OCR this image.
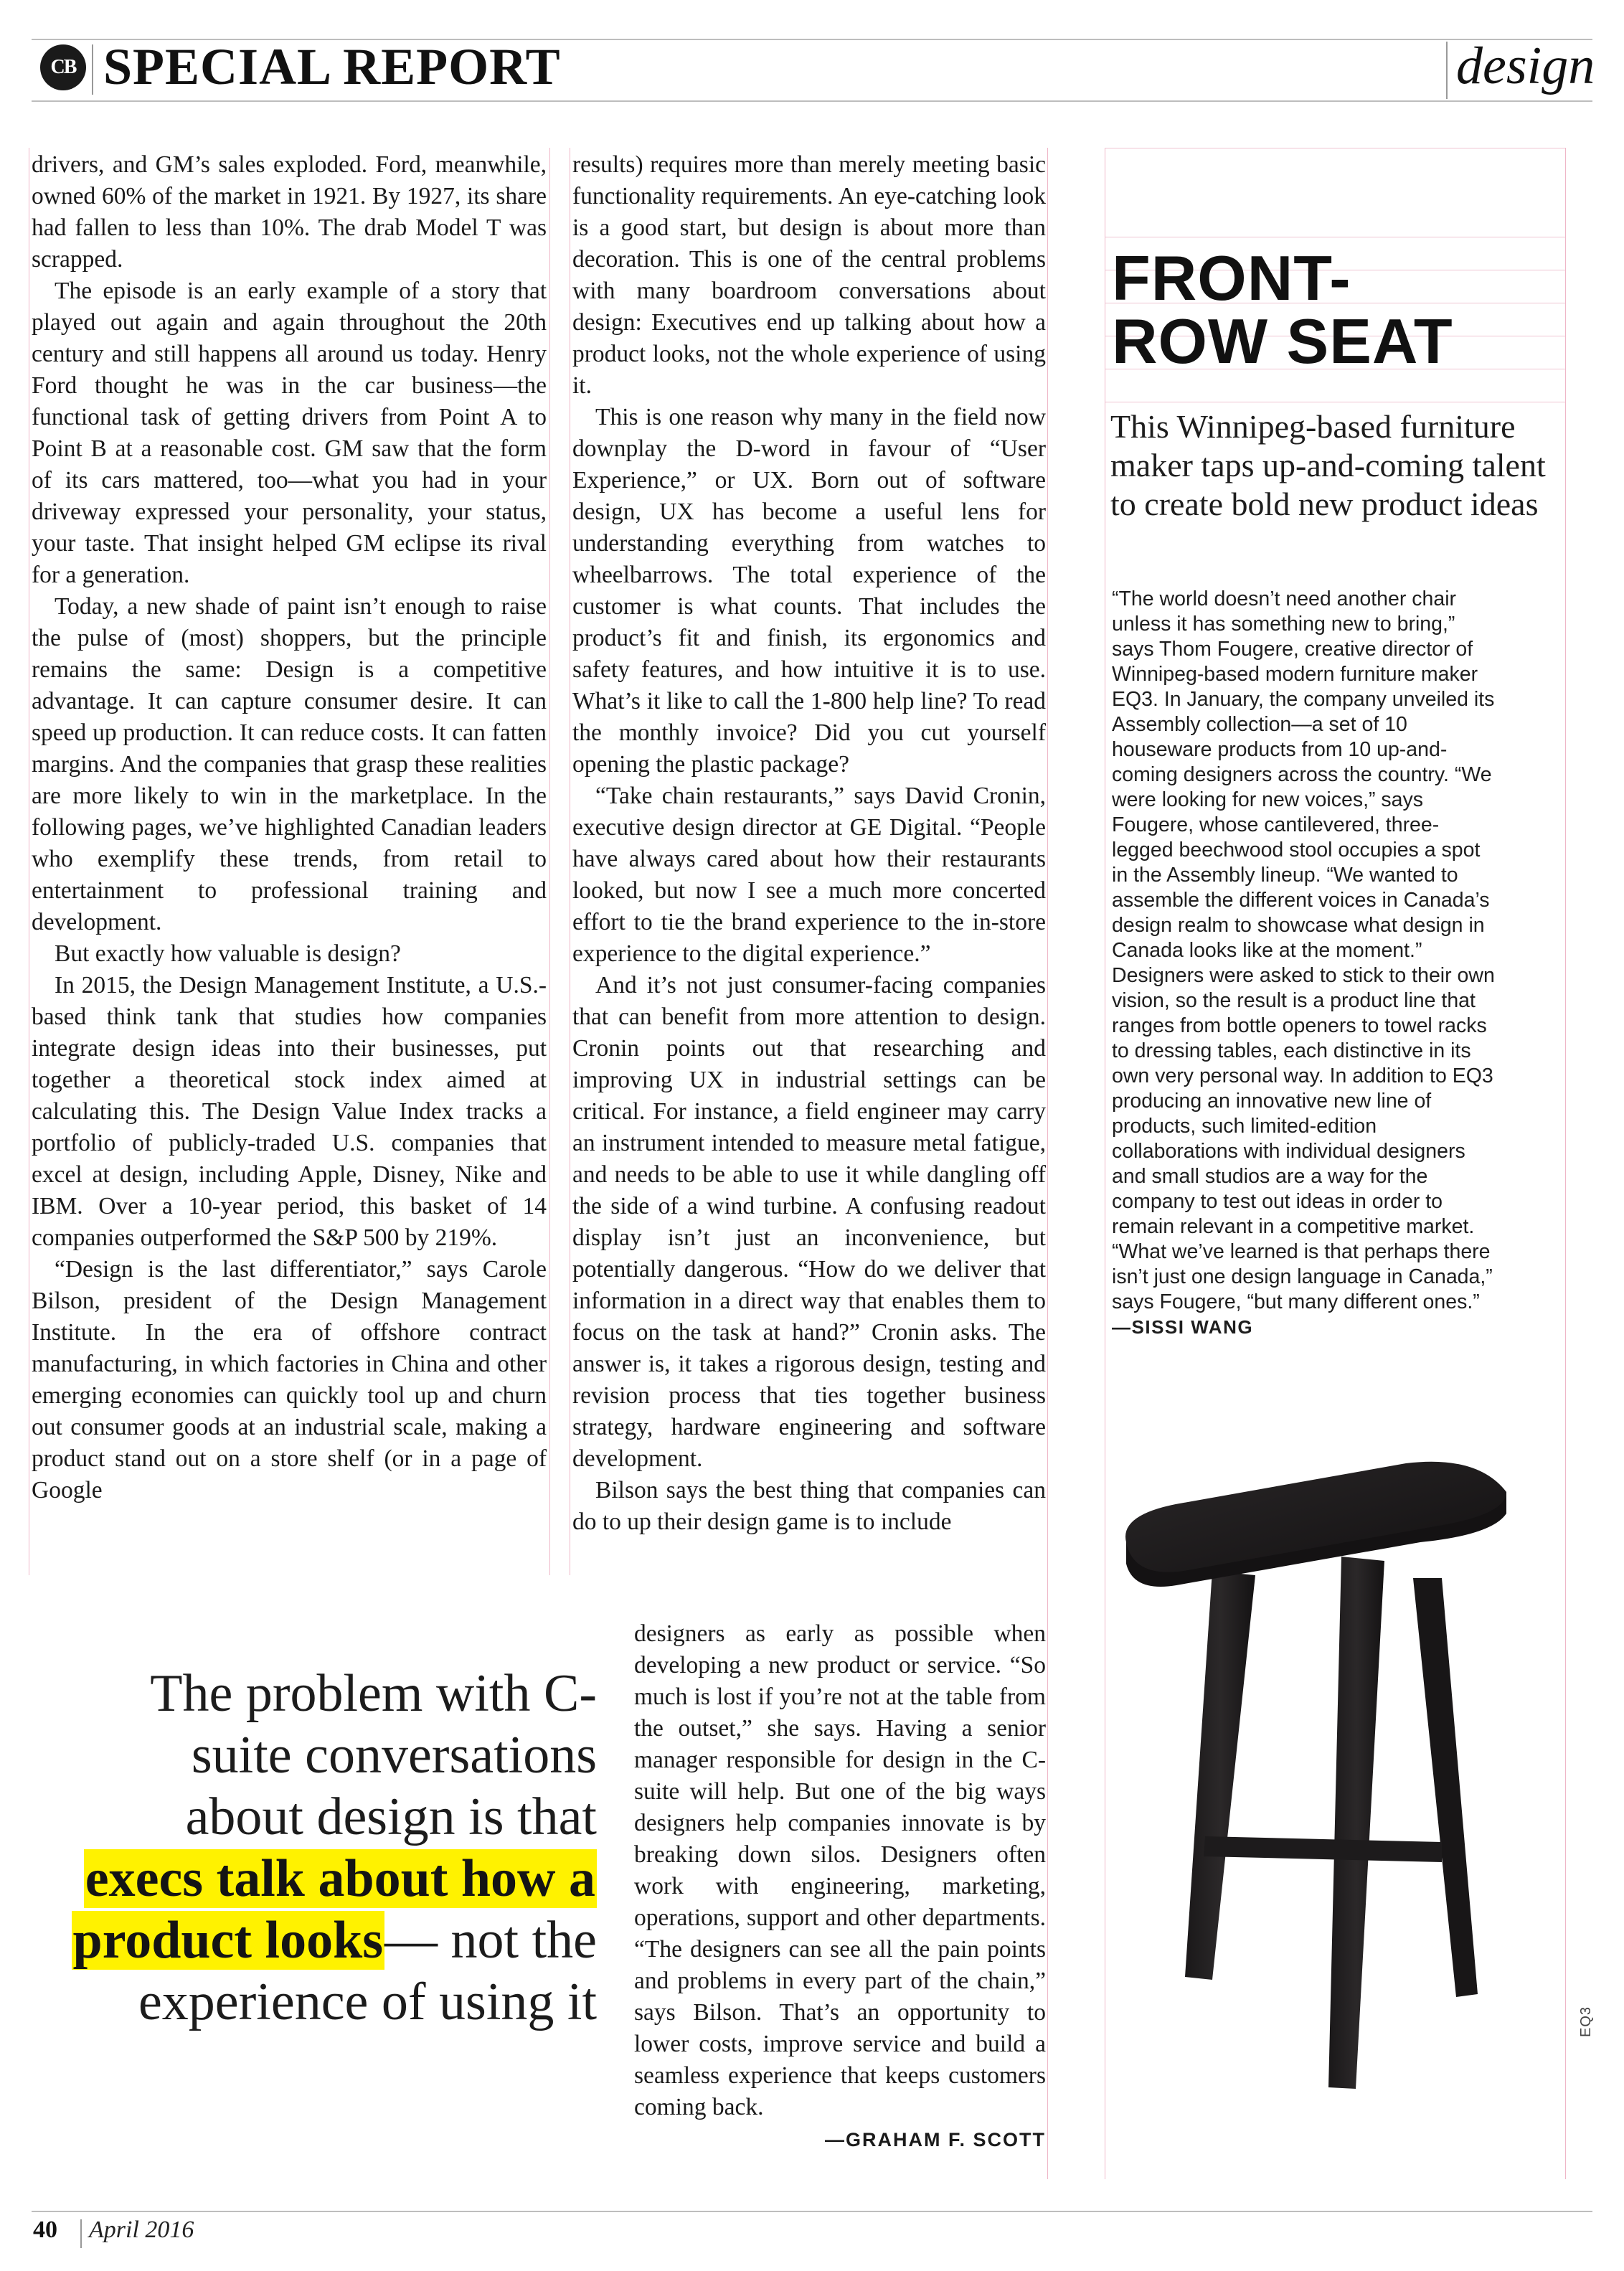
CB SPECIAL REPORT	design

drivers, and GM’s sales exploded. Ford, meanwhile, owned 60% of the market in 1921. By 1927, its share had fallen to less than 10%. The drab Model T was scrapped.

The episode is an early example of a story that played out again and again throughout the 20th century and still happens all around us today. Henry Ford thought he was in the car business—the functional task of getting drivers from Point A to Point B at a reasonable cost. GM saw that the form of its cars mattered, too—what you had in your driveway expressed your personality, your status, your taste. That insight helped GM eclipse its rival for a generation.

Today, a new shade of paint isn’t enough to raise the pulse of (most) shoppers, but the principle remains the same: Design is a competitive advantage. It can capture consumer desire. It can speed up production. It can reduce costs. It can fatten margins. And the companies that grasp these realities are more likely to win in the marketplace. In the following pages, we’ve highlighted Canadian leaders who exemplify these trends, from retail to entertainment to professional training and development.

But exactly how valuable is design?

In 2015, the Design Management Institute, a U.S.-based think tank that studies how companies integrate design ideas into their businesses, put together a theoretical stock index aimed at calculating this. The Design Value Index tracks a portfolio of publicly-traded U.S. companies that excel at design, including Apple, Disney, Nike and IBM. Over a 10-year period, this basket of 14 companies outperformed the S&P 500 by 219%.

“Design is the last differentiator,” says Carole Bilson, president of the Design Management Institute. In the era of offshore contract manufacturing, in which factories in China and other emerging economies can quickly tool up and churn out consumer goods at an industrial scale, making a product stand out on a store shelf (or in a page of Google

results) requires more than merely meeting basic functionality requirements. An eye-catching look is a good start, but design is about more than decoration. This is one of the central problems with many boardroom conversations about design: Executives end up talking about how a product looks, not the whole experience of using it.

This is one reason why many in the field now downplay the D-word in favour of “User Experience,” or UX. Born out of software design, UX has become a useful lens for understanding everything from watches to wheelbarrows. The total experience of the customer is what counts. That includes the product’s fit and finish, its ergonomics and safety features, and how intuitive it is to use. What’s it like to call the 1-800 help line? To read the monthly invoice? Did you cut yourself opening the plastic package?

“Take chain restaurants,” says David Cronin, executive design director at GE Digital. “People have always cared about how their restaurants looked, but now I see a much more concerted effort to tie the brand experience to the in-store experience to the digital experience.”

And it’s not just consumer-facing companies that can benefit from more attention to design. Cronin points out that researching and improving UX in industrial settings can be critical. For instance, a field engineer may carry an instrument intended to measure metal fatigue, and needs to be able to use it while dangling off the side of a wind turbine. A confusing readout display isn’t just an inconvenience, but potentially dangerous. “How do we deliver that information in a direct way that enables them to focus on the task at hand?” Cronin asks. The answer is, it takes a rigorous design, testing and revision process that ties together business strategy, hardware engineering and software development.

Bilson says the best thing that companies can do to up their design game is to include

designers as early as possible when developing a new product or service. “So much is lost if you’re not at the table from the outset,” she says. Having a senior manager responsible for design in the C-suite will help. But one of the big ways designers help companies innovate is by breaking down silos. Designers often work with engineering, marketing, operations, support and other departments. “The designers can see all the pain points and problems in every part of the chain,” says Bilson. That’s an opportunity to lower costs, improve service and build a seamless experience that keeps customers coming back.

—GRAHAM F. SCOTT
The problem with C-suite conversations about design is that execs talk about how a product looks— not the experience of using it
FRONT-
ROW SEAT
This Winnipeg-based furniture maker taps up-and-coming talent to create bold new product ideas
“The world doesn’t need another chair unless it has something new to bring,” says Thom Fougere, creative director of Winnipeg-based modern furniture maker EQ3. In January, the company unveiled its Assembly collection—a set of 10 houseware products from 10 up-and-coming designers across the country. “We were looking for new voices,” says Fougere, whose cantilevered, three-legged beechwood stool occupies a spot in the Assembly lineup. “We wanted to assemble the different voices in Canada’s design realm to showcase what design in Canada looks like at the moment.” Designers were asked to stick to their own vision, so the result is a product line that ranges from bottle openers to towel racks to dressing tables, each distinctive in its own very personal way. In addition to EQ3 producing an innovative new line of products, such limited-edition collaborations with individual designers and small studios are a way for the company to test out ideas in order to remain relevant in a competitive market. “What we’ve learned is that perhaps there isn’t just one design language in Canada,” says Fougere, “but many different ones.” —SISSI WANG
EQ3
40 April 2016
